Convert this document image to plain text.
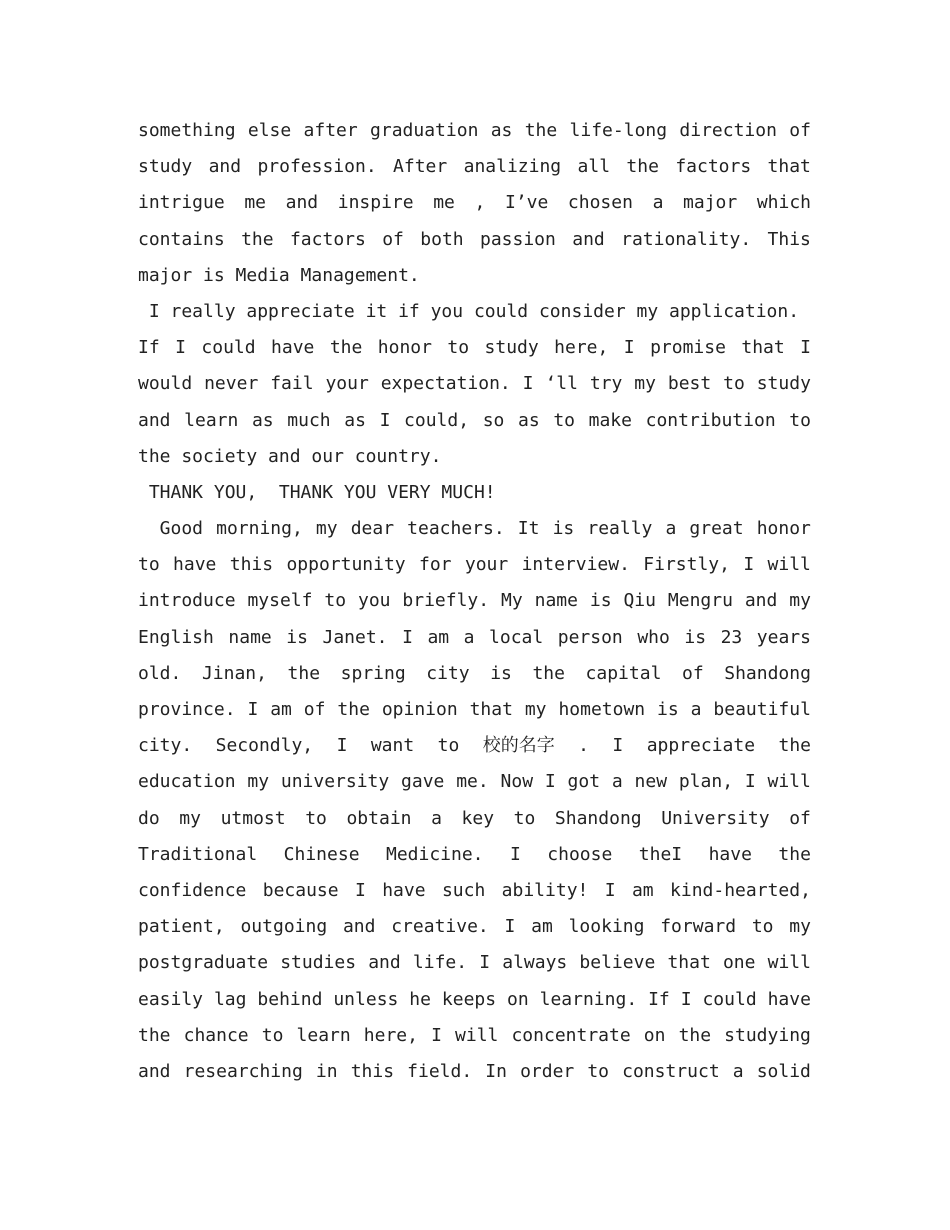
something else after graduation as the life-long direction of
study and profession. After analizing all the factors that
intrigue me and inspire me , I’ve chosen a major which
contains the factors of both passion and rationality. This
major is Media Management.
I really appreciate it if you could consider my application.
If I could have the honor to study here, I promise that I
would never fail your expectation. I ‘ll try my best to study
and learn as much as I could, so as to make contribution to
the society and our country.
THANK YOU,  THANK YOU VERY MUCH!
Good morning, my dear teachers. It is really a great honor
to have this opportunity for your interview. Firstly, I will
introduce myself to you briefly. My name is Qiu Mengru and my
English name is Janet. I am a local person who is 23 years
old. Jinan, the spring city is the capital of Shandong
province. I am of the opinion that my hometown is a beautiful
city. Secondly, I want to 校的名字 . I appreciate the
education my university gave me. Now I got a new plan, I will
do my utmost to obtain a key to Shandong University of
Traditional Chinese Medicine. I choose theI have the
confidence because I have such ability! I am kind-hearted,
patient, outgoing and creative. I am looking forward to my
postgraduate studies and life. I always believe that one will
easily lag behind unless he keeps on learning. If I could have
the chance to learn here, I will concentrate on the studying
and researching in this field. In order to construct a solid
